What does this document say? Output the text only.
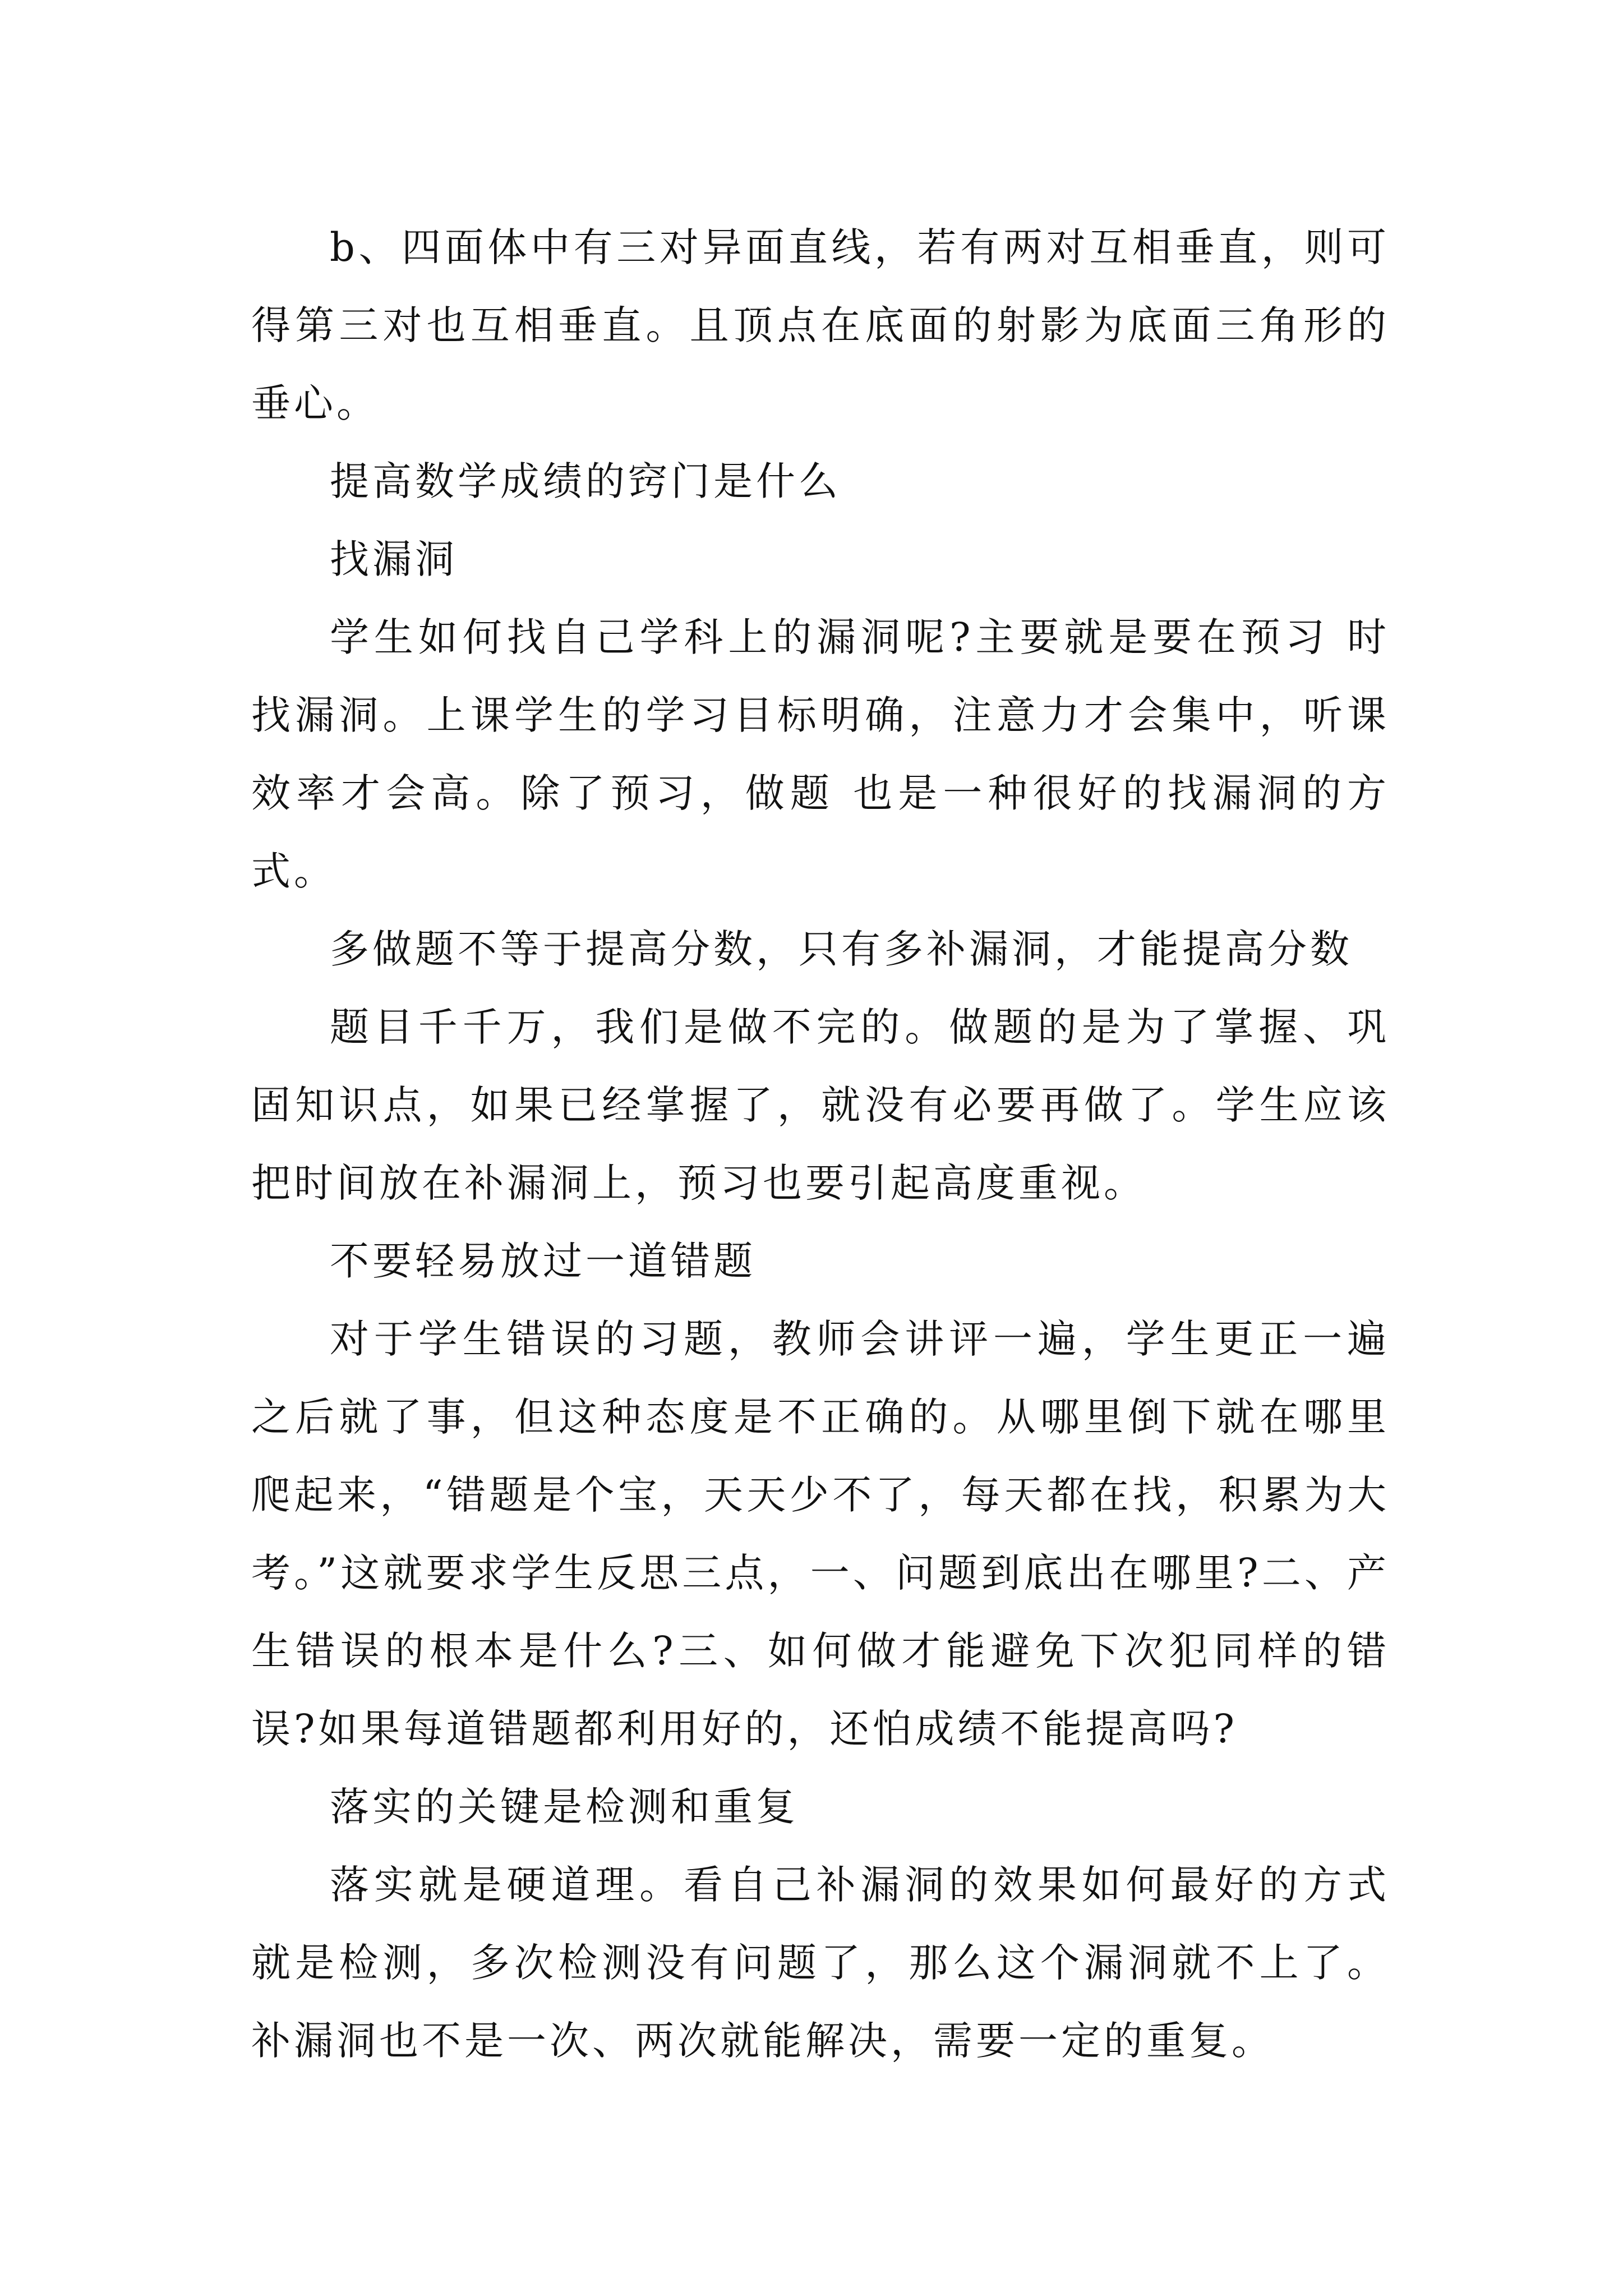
b、四面体中有三对异面直线，若有两对互相垂直，则可得第三对也互相垂直。且顶点在底面的射影为底面三角形的垂心。

提高数学成绩的窍门是什么

找漏洞

学生如何找自己学科上的漏洞呢?主要就是要在预习 时找漏洞。上课学生的学习目标明确，注意力才会集中，听课效率才会高。除了预习，做题 也是一种很好的找漏洞的方式。

多做题不等于提高分数，只有多补漏洞，才能提高分数

题目千千万，我们是做不完的。做题的是为了掌握、巩固知识点，如果已经掌握了，就没有必要再做了。学生应该把时间放在补漏洞上，预习也要引起高度重视。

不要轻易放过一道错题

对于学生错误的习题，教师会讲评一遍，学生更正一遍之后就了事，但这种态度是不正确的。从哪里倒下就在哪里爬起来，“错题是个宝，天天少不了，每天都在找，积累为大考。”这就要求学生反思三点，一、问题到底出在哪里?二、产生错误的根本是什么?三、如何做才能避免下次犯同样的错误?如果每道错题都利用好的，还怕成绩不能提高吗?

落实的关键是检测和重复

落实就是硬道理。看自己补漏洞的效果如何最好的方式就是检测，多次检测没有问题了，那么这个漏洞就不上了。补漏洞也不是一次、两次就能解决，需要一定的重复。
